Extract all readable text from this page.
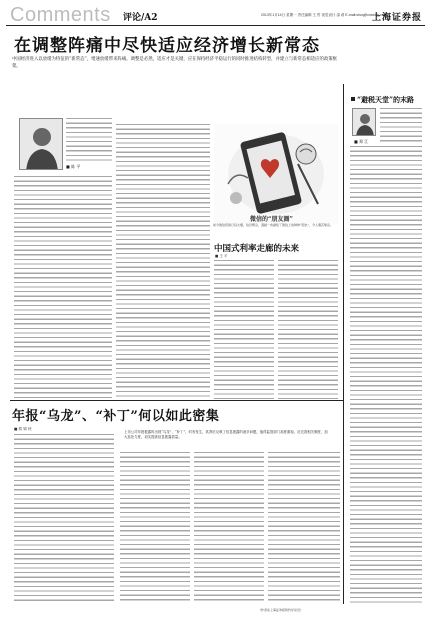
Comments 评论/A2	2013年1月14日 星期一 责任编辑 王 哲 视觉设计 邵 莉 E-mail:shzq@cnstock.com
上海证券报
在调整阵痛中尽快适应经济增长新常态
中国经济进入以放缓为特征的“新常态”，增速放缓带来阵痛。调整是必然，适应才是关键，应在保持经济平稳运行的同时推进结构转型，并建立与新常态相适应的政策框架。
■ 陈 平
微信的“朋友圈”
如今微信营销日趋火爆，信息繁杂，漫画一角描绘了微信上的种种“朋友”，令人眼花缭乱。
中国式利率走廊的未来
■ 王 平
“避税天堂”的末路
■ 郑 江
年报“乌龙”、“补丁”何以如此密集
■ 熊 锦 秋
上市公司年报披露时出现“乌龙”、“补丁”，时有发生，其背后反映了信息披露的诸多问题，值得监管部门高度重视。应完善相关制度，加大惩处力度，切实提高信息披露质量。
（作者系上海证券报特约评论员）
